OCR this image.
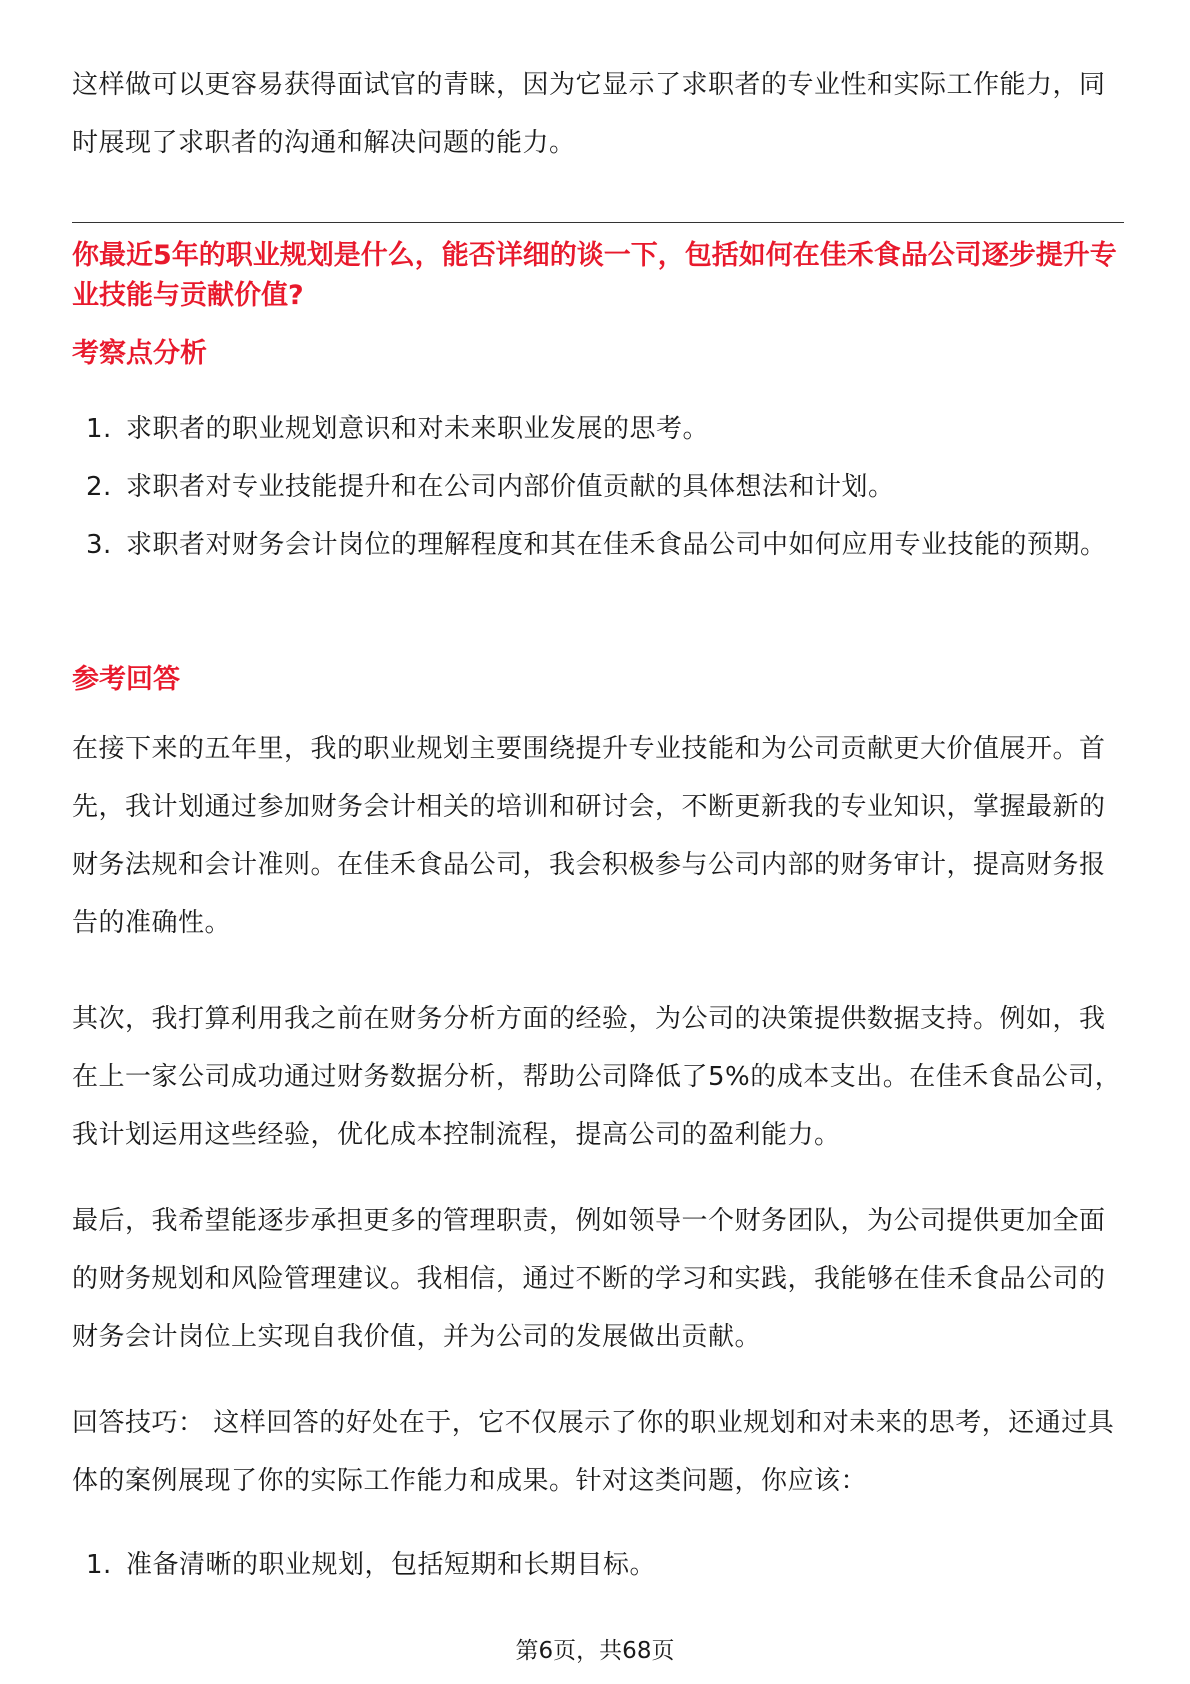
这样做可以更容易获得面试官的青睐，因为它显示了求职者的专业性和实际工作能力，同时展现了求职者的沟通和解决问题的能力。

你最近5年的职业规划是什么，能否详细的谈一下，包括如何在佳禾食品公司逐步提升专业技能与贡献价值?

考察点分析

1. 求职者的职业规划意识和对未来职业发展的思考。
2. 求职者对专业技能提升和在公司内部价值贡献的具体想法和计划。
3. 求职者对财务会计岗位的理解程度和其在佳禾食品公司中如何应用专业技能的预期。

参考回答

在接下来的五年里，我的职业规划主要围绕提升专业技能和为公司贡献更大价值展开。首先，我计划通过参加财务会计相关的培训和研讨会，不断更新我的专业知识，掌握最新的财务法规和会计准则。在佳禾食品公司，我会积极参与公司内部的财务审计，提高财务报告的准确性。

其次，我打算利用我之前在财务分析方面的经验，为公司的决策提供数据支持。例如，我在上一家公司成功通过财务数据分析，帮助公司降低了5%的成本支出。在佳禾食品公司，我计划运用这些经验，优化成本控制流程，提高公司的盈利能力。

最后，我希望能逐步承担更多的管理职责，例如领导一个财务团队，为公司提供更加全面的财务规划和风险管理建议。我相信，通过不断的学习和实践，我能够在佳禾食品公司的财务会计岗位上实现自我价值，并为公司的发展做出贡献。

回答技巧： 这样回答的好处在于，它不仅展示了你的职业规划和对未来的思考，还通过具体的案例展现了你的实际工作能力和成果。针对这类问题，你应该：

1. 准备清晰的职业规划，包括短期和长期目标。
第6页，共68页
